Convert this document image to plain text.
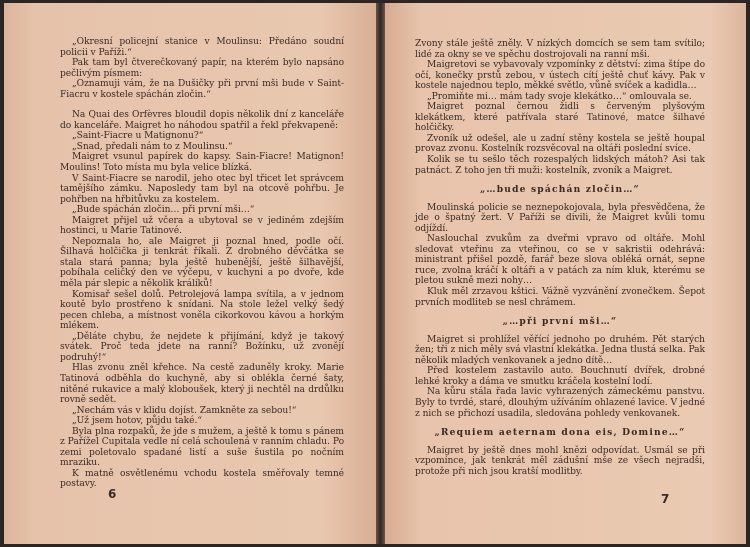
„Okresní policejní stanice v Moulinsu: Předáno soudní policii v Paříži.“

Pak tam byl čtverečkovaný papír, na kterém bylo napsáno pečlivým písmem:

„Oznamuji vám, že na Dušičky při první mši bude v Saint-Fiacru v kostele spáchán zločin.“

Na Quai des Orfèvres bloudil dopis několik dní z kanceláře do kanceláře. Maigret ho náhodou spatřil a řekl překvapeně:

„Saint-Fiacre u Matignonu?“

„Snad, předali nám to z Moulinsu.“

Maigret vsunul papírek do kapsy. Sain-Fiacre! Matignon! Moulins! Toto místa mu byla velice blízká.

V Saint-Fiacre se narodil, jeho otec byl třicet let správcem tamějšího zámku. Naposledy tam byl na otcově pohřbu. Je pohřben na hřbitůvku za kostelem.

„Bude spáchán zločin… při první mši…“

Maigret přijel už včera a ubytoval se v jediném zdejším hostinci, u Marie Tatinové.

Nepoznala ho, ale Maigret ji poznal hned, podle očí. Šilhavá holčička ji tenkrát říkali. Z drobného děvčátka se stala stará panna; byla ještě hubenější, ještě šilhavější, pobíhala celičký den ve výčepu, v kuchyni a po dvoře, kde měla pár slepic a několik králíků!

Komisař sešel dolů. Petrolejová lampa svítila, a v jednom koutě bylo prostřeno k snídani. Na stole ležel velký šedý pecen chleba, a místnost voněla cikorkovou kávou a horkým mlékem.

„Děláte chybu, že nejdete k přijímání, když je takový svátek. Proč teda jdete na ranní? Božínku, už zvonějí podruhý!“

Hlas zvonu zněl křehce. Na cestě zaduněly kroky. Marie Tatinová odběhla do kuchyně, aby si oblékla černé šaty, nitěné rukavice a malý kloboušek, který ji nechtěl na drdůlku rovně sedět.

„Nechám vás v klidu dojíst. Zamkněte za sebou!“

„Už jsem hotov, půjdu také.“

Byla plna rozpaků, že jde s mužem, a ještě k tomu s pánem z Pařížel Cupitala vedle ní celá schoulená v ranním chladu. Po zemi poletovalo spadané listí a suše šustila po nočním mraziku.

K matně osvětlenému vchodu kostela směřovaly temné postavy.

6

Zvony stále ještě zněly. V nízkých domcích se sem tam svítilo; lidé za okny se ve spěchu dostrojovali na ranní mši.

Maigretovi se vybavovaly vzpomínky z dětství: zima štípe do očí, konečky prstů zebou, v ústech cítí ještě chuť kávy. Pak v kostele najednou teplo, měkké světlo, vůně svíček a kadidla…

„Promiňte mi… mám tady svoje klekátko…“ omlouvala se.

Maigret poznal černou židli s červeným plyšovým klekátkem, které patřívala staré Tatinové, matce šilhavé holčičky.

Zvoník už odešel, ale u zadní stěny kostela se ještě houpal provaz zvonu. Kostelník rozsvěcoval na oltáři poslední svíce.

Kolik se tu sešlo těch rozespalých lidských mátoh? Asi tak patnáct. Z toho jen tři muži: kostelník, zvoník a Maigret.

„…bude spáchán zločin…“

Moulinská policie se neznepokojovala, byla přesvědčena, že jde o špatný žert. V Paříži se divili, že Maigret kvůli tomu odjíždí.

Naslouchal zvukům za dveřmi vpravo od oltáře. Mohl sledovat vteřinu za vteřinou, co se v sakristii odehrává: ministrant přišel pozdě, farář beze slova obléká ornát, sepne ruce, zvolna kráčí k oltáři a v patách za ním kluk, kterému se pletou sukně mezi nohy…

Kluk měl zrzavou kštici. Vážně vyzvánění zvonečkem. Šepot prvních modliteb se nesl chrámem.

„…při první mši…“

Maigret si prohlížel věřící jednoho po druhém. Pět starých žen; tři z nich měly svá vlastní klekátka. Jedna tlustá selka. Pak několik mladých venkovanek a jedno dítě…

Před kostelem zastavilo auto. Bouchnutí dvířek, drobné lehké kroky a dáma ve smutku kráčela kostelní lodí.

Na kůru stála řada lavic vyhrazených zámeckému panstvu. Byly to tvrdé, staré, dlouhým užíváním ohlazené lavice. V jedné z nich se přichozí usadila, sledována pohledy venkovanek.

„Requiem aeternam dona eis, Domine…“

Maigret by ještě dnes mohl knězi odpovídat. Usmál se při vzpomínce, jak tenkrát měl zádušní mše ze všech nejradši, protože při nich jsou kratší modlitby.

7
